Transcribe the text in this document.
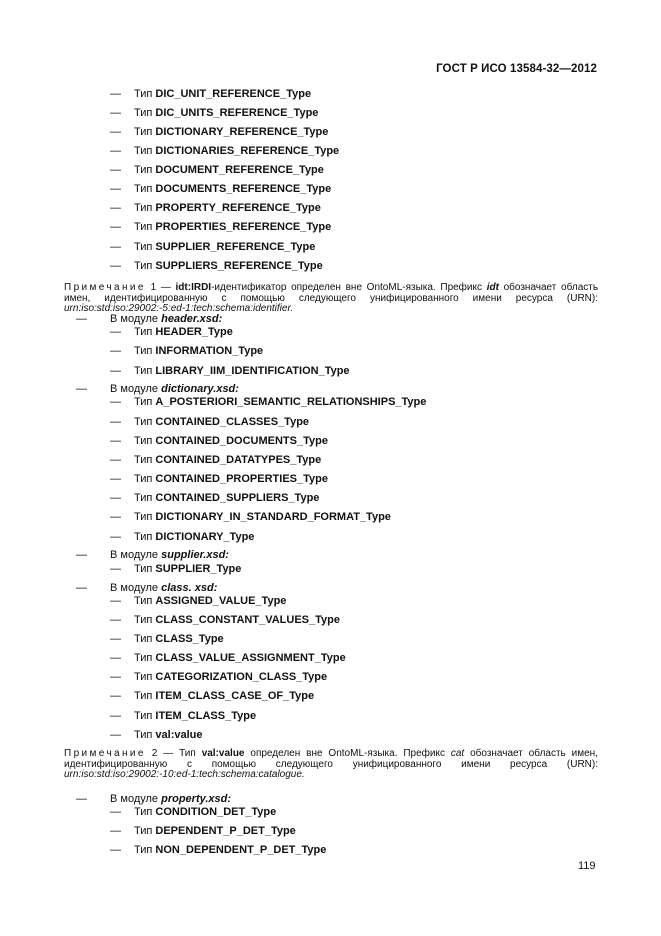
ГОСТ Р ИСО 13584-32—2012
— Тип DIC_UNIT_REFERENCE_Type
— Тип DIC_UNITS_REFERENCE_Type
— Тип DICTIONARY_REFERENCE_Type
— Тип DICTIONARIES_REFERENCE_Type
— Тип DOCUMENT_REFERENCE_Type
— Тип DOCUMENTS_REFERENCE_Type
— Тип PROPERTY_REFERENCE_Type
— Тип PROPERTIES_REFERENCE_Type
— Тип SUPPLIER_REFERENCE_Type
— Тип SUPPLIERS_REFERENCE_Type
— В модуле header.xsd:
— Тип HEADER_Type
— Тип INFORMATION_Type
— Тип LIBRARY_IIM_IDENTIFICATION_Type
— В модуле dictionary.xsd:
— Тип A_POSTERIORI_SEMANTIC_RELATIONSHIPS_Type
— Тип CONTAINED_CLASSES_Type
— Тип CONTAINED_DOCUMENTS_Type
— Тип CONTAINED_DATATYPES_Type
— Тип CONTAINED_PROPERTIES_Type
— Тип CONTAINED_SUPPLIERS_Type
— Тип DICTIONARY_IN_STANDARD_FORMAT_Type
— Тип DICTIONARY_Type
— В модуле supplier.xsd:
— Тип SUPPLIER_Type
— В модуле class. xsd:
— Тип ASSIGNED_VALUE_Type
— Тип CLASS_CONSTANT_VALUES_Type
— Тип CLASS_Type
— Тип CLASS_VALUE_ASSIGNMENT_Type
— Тип CATEGORIZATION_CLASS_Type
— Тип ITEM_CLASS_CASE_OF_Type
— Тип ITEM_CLASS_Type
— Тип val:value
— В модуле property.xsd:
— Тип CONDITION_DET_Type
— Тип DEPENDENT_P_DET_Type
— Тип NON_DEPENDENT_P_DET_Type
Примечание 1 — idt:IRDI-идентификатор определен вне OntoML-языка. Префикс idt обозначает область имен, идентифицированную с помощью следующего унифицированного имени ресурса (URN): urn:iso:std:iso:29002:-5:ed-1:tech:schema:identifier.
Примечание 2 — Тип val:value определен вне OntoML-языка. Префикс cat обозначает область имен, идентифицированную с помощью следующего унифицированного имени ресурса (URN): urn:iso:std:iso:29002:-10:ed-1:tech:schema:catalogue.
119
